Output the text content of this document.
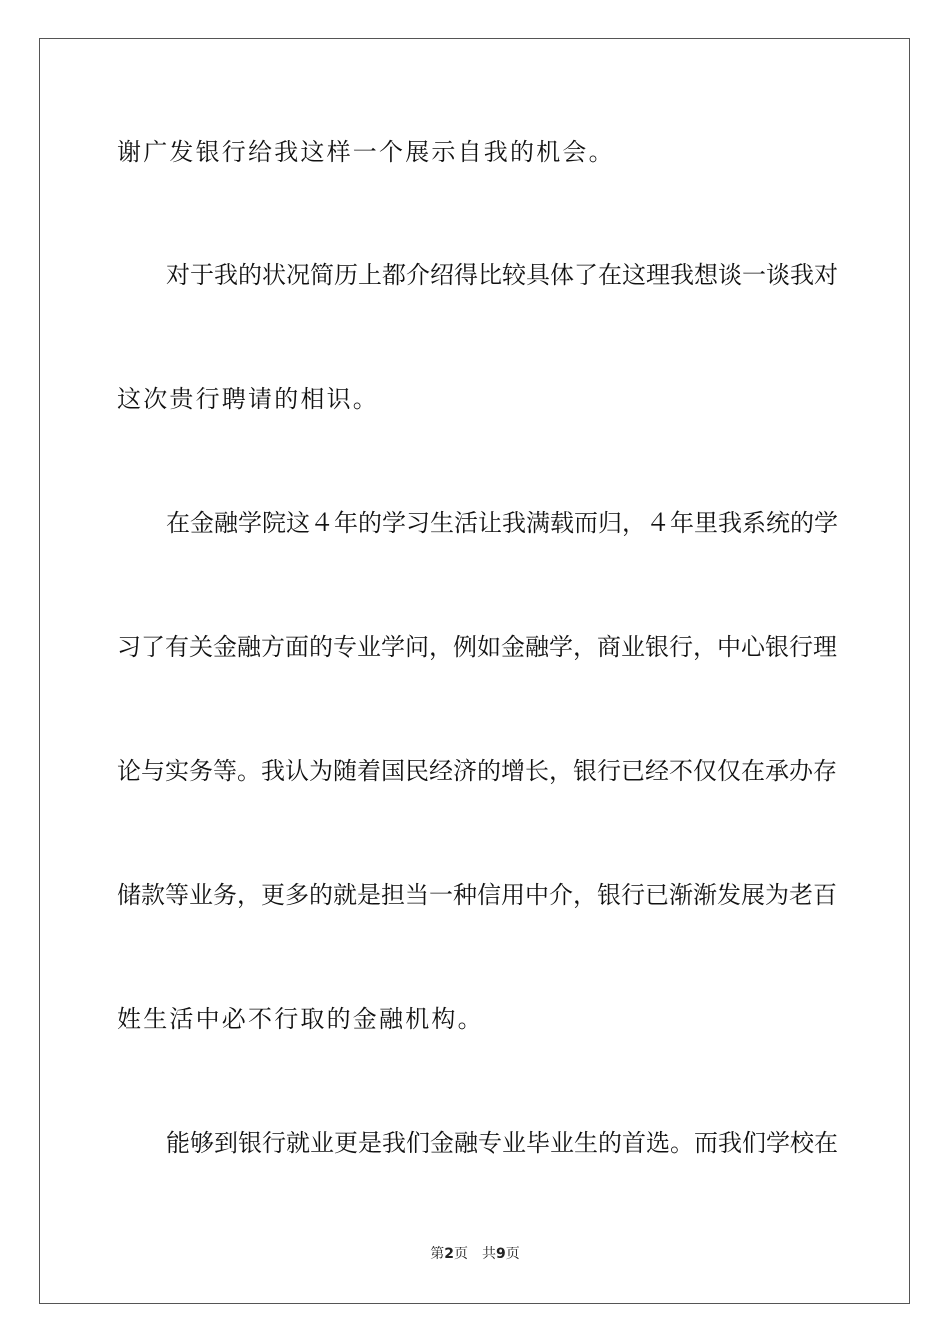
谢广发银行给我这样一个展示自我的机会。
对于我的状况简历上都介绍得比较具体了在这理我想谈一谈我对
这次贵行聘请的相识。
在金融学院这４年的学习生活让我满载而归，４年里我系统的学
习了有关金融方面的专业学问，例如金融学，商业银行，中心银行理
论与实务等。我认为随着国民经济的增长，银行已经不仅仅在承办存
储款等业务，更多的就是担当一种信用中介，银行已渐渐发展为老百
姓生活中必不行取的金融机构。
能够到银行就业更是我们金融专业毕业生的首选。而我们学校在
第2页 共9页
